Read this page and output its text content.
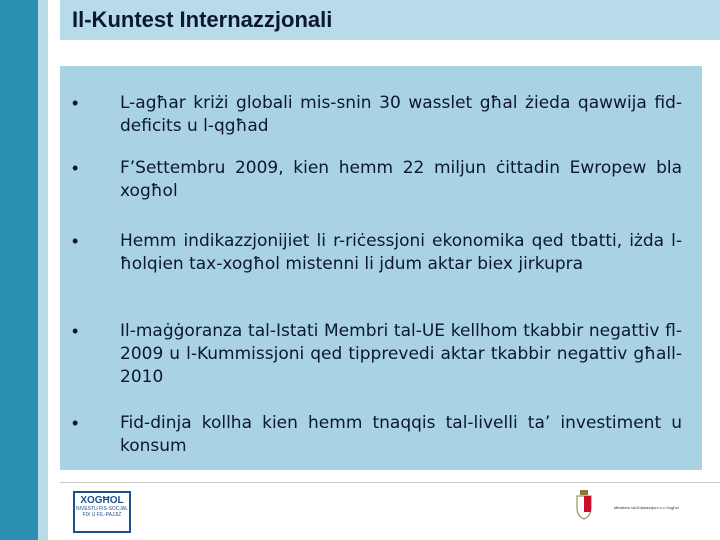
Il-Kuntest Internazzjonali
•	L-agħar kriżi globali mis-snin 30 wasslet għal żieda qawwija fid-deficits u l-qgħad
•	F’Settembru 2009, kien hemm 22 miljun ċittadin Ewropew bla xogħol
•	Hemm indikazzjonijiet li r-riċessjoni ekonomika qed tbatti, iżda l-ħolqien tax-xogħol mistenni li jdum aktar biex jirkupra
•	Il-maġġoranza tal-Istati Membri tal-UE kellhom tkabbir negattiv fl-2009 u l-Kummissjoni qed tipprevedi aktar tkabbir negattiv għall-2010
•	Fid-dinja kollha kien hemm tnaqqis tal-livelli ta’ investiment u konsum
XOGĦOL
NIVESTU FIS-SOĊJAL
FIX U FIL-PAJJIŻ
Ministeru tal-Edukazzjoni u x-Xogħol
